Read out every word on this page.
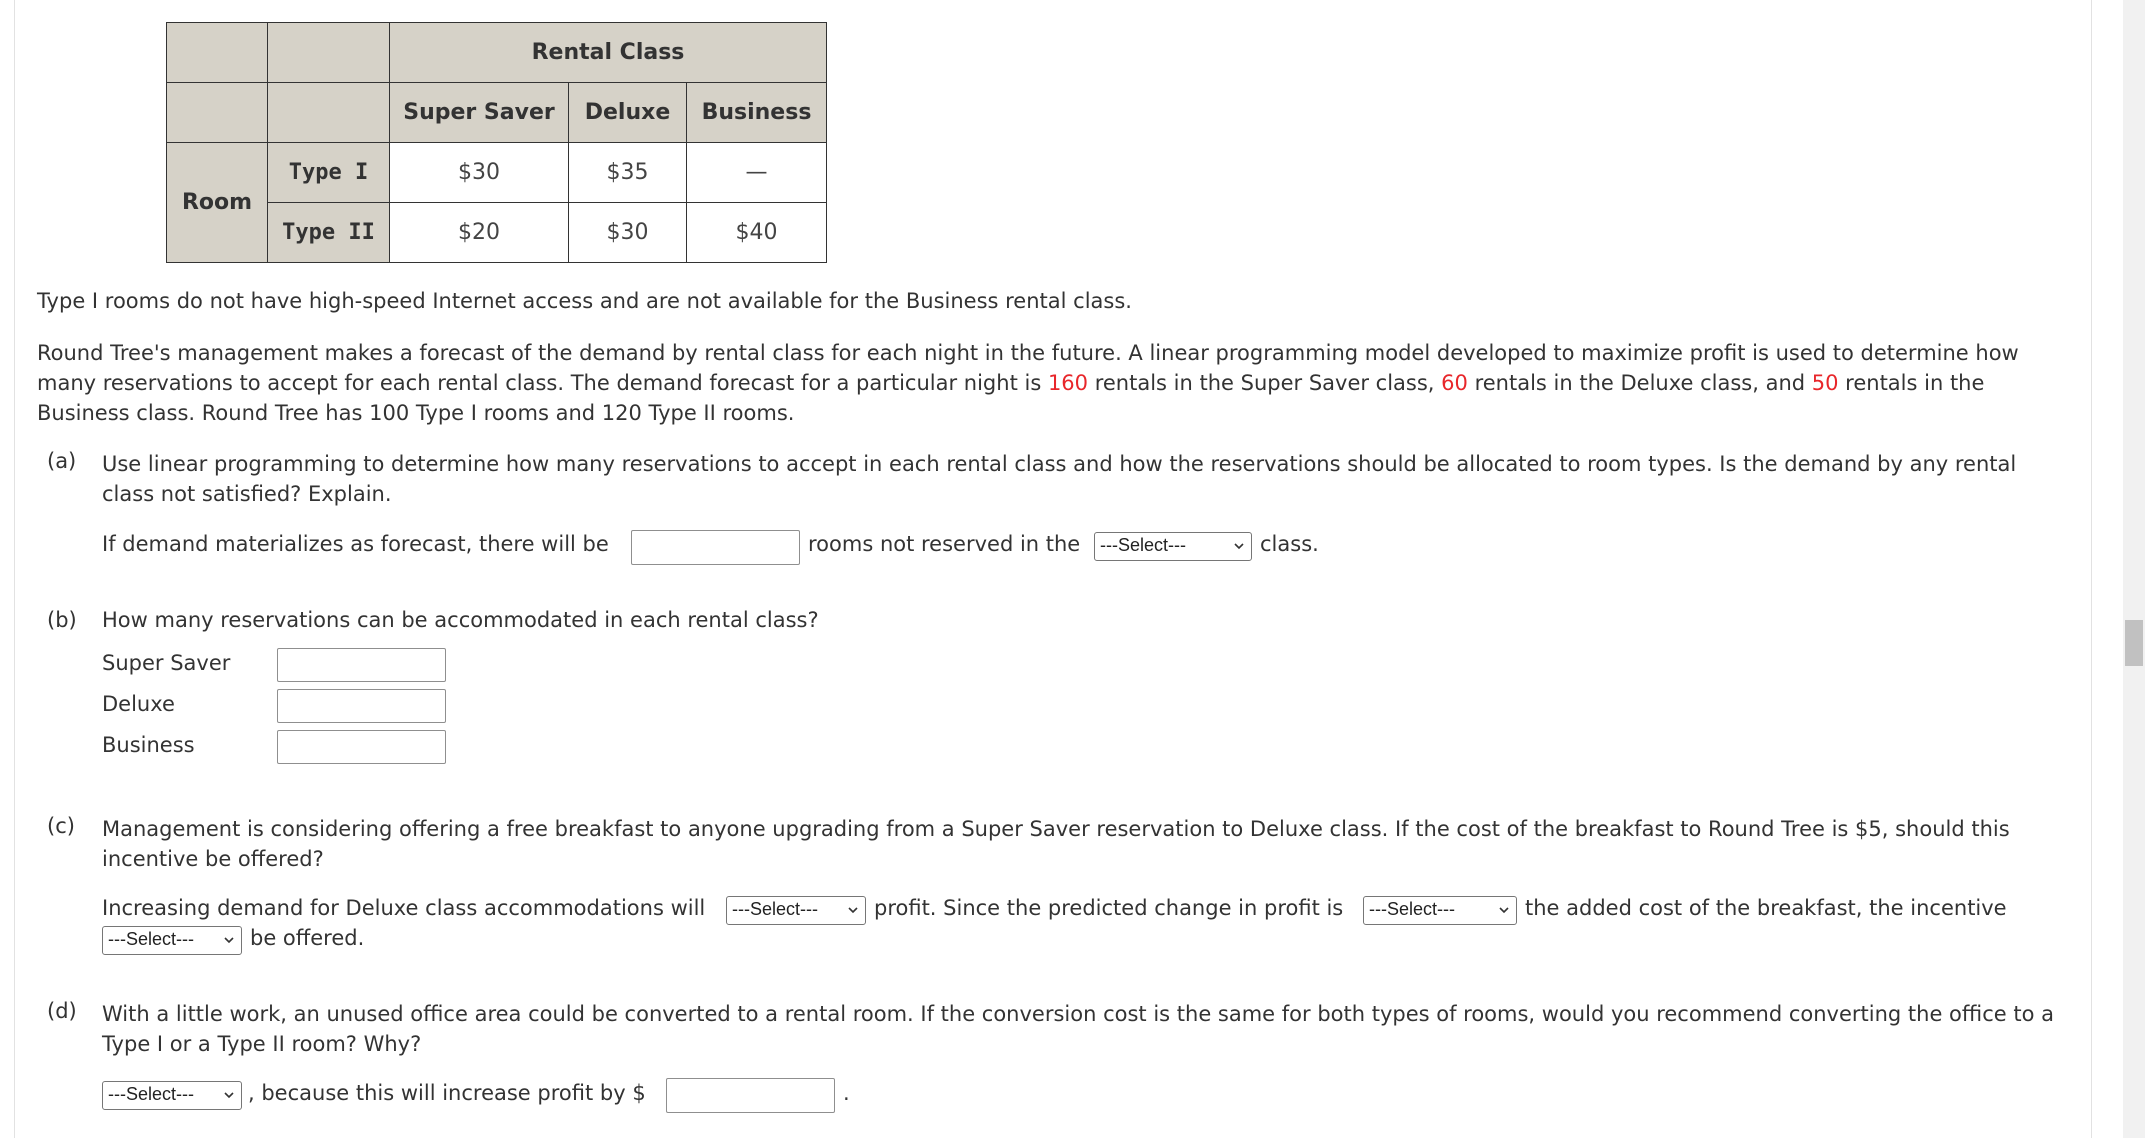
		Rental Class		
		Super Saver	Deluxe	Business
Room	Type I	$30	$35	—
	Type II	$20	$30	$40
Type I rooms do not have high-speed Internet access and are not available for the Business rental class.
Round Tree's management makes a forecast of the demand by rental class for each night in the future. A linear programming model developed to maximize profit is used to determine how many reservations to accept for each rental class. The demand forecast for a particular night is 160 rentals in the Super Saver class, 60 rentals in the Deluxe class, and 50 rentals in the Business class. Round Tree has 100 Type I rooms and 120 Type II rooms.
(a) Use linear programming to determine how many reservations to accept in each rental class and how the reservations should be allocated to room types. Is the demand by any rental class not satisfied? Explain.
If demand materializes as forecast, there will be	rooms not reserved in the	---Select---	class.
(b) How many reservations can be accommodated in each rental class?
Super Saver
Deluxe
Business
(c) Management is considering offering a free breakfast to anyone upgrading from a Super Saver reservation to Deluxe class. If the cost of the breakfast to Round Tree is $5, should this incentive be offered?
Increasing demand for Deluxe class accommodations will	---Select---	profit. Since the predicted change in profit is	---Select---	the added cost of the breakfast, the incentive
---Select---	be offered.
(d) With a little work, an unused office area could be converted to a rental room. If the conversion cost is the same for both types of rooms, would you recommend converting the office to a Type I or a Type II room? Why?
---Select---	, because this will increase profit by $	.
